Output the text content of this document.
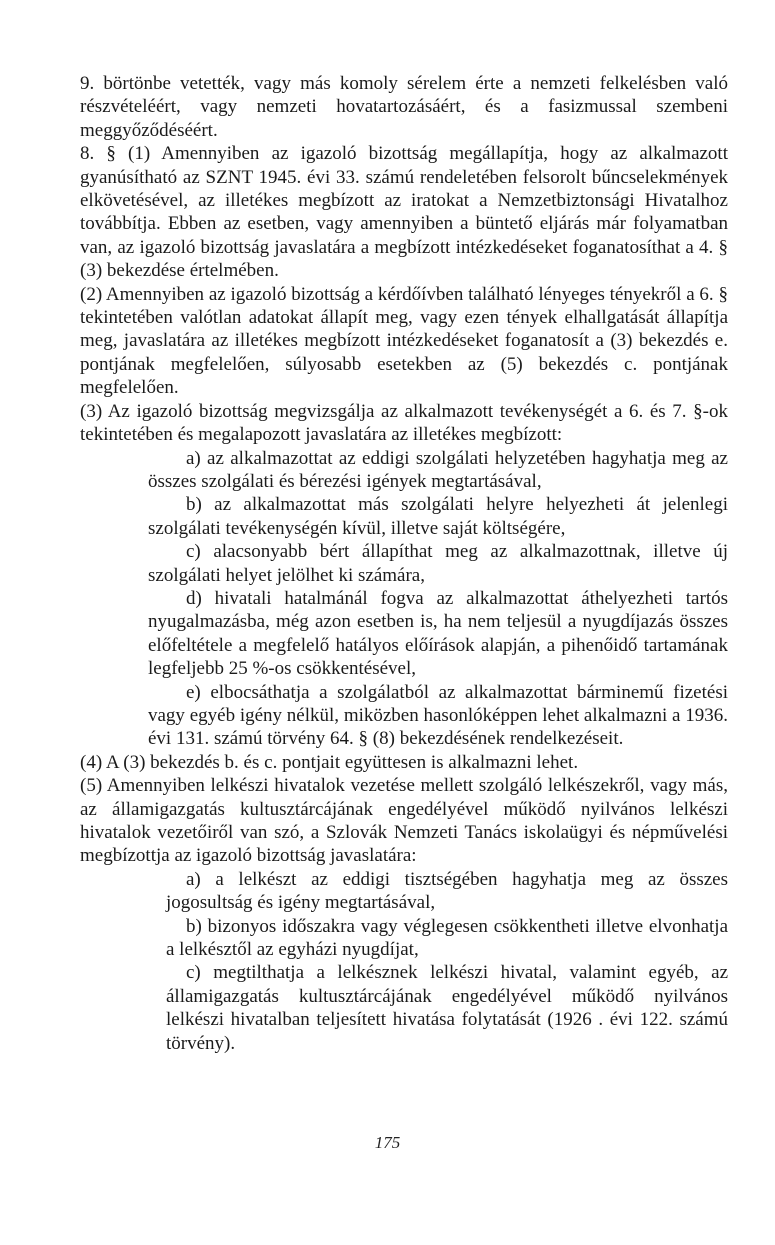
9. börtönbe vetették, vagy más komoly sérelem érte a nemzeti felkelésben való részvételéért, vagy nemzeti hovatartozásáért, és a fasizmussal szembeni meggyőződéséért.

8. § (1) Amennyiben az igazoló bizottság megállapítja, hogy az alkalmazott gyanúsítható az SZNT 1945. évi 33. számú rendeletében felsorolt bűncselekmények elkövetésével, az illetékes megbízott az iratokat a Nemzetbiztonsági Hivatalhoz továbbítja. Ebben az esetben, vagy amennyiben a büntető eljárás már folyamatban van, az igazoló bizottság javaslatára a megbízott intézkedéseket foganatosíthat a 4. § (3) bekezdése értelmében.

(2) Amennyiben az igazoló bizottság a kérdőívben található lényeges tényekről a 6. § tekintetében valótlan adatokat állapít meg, vagy ezen tények elhallgatását állapítja meg, javaslatára az illetékes megbízott intézkedéseket foganatosít a (3) bekezdés e. pontjának megfelelően, súlyosabb esetekben az (5) bekezdés c. pontjának megfelelően.

(3) Az igazoló bizottság megvizsgálja az alkalmazott tevékenységét a 6. és 7. §-ok tekintetében és megalapozott javaslatára az illetékes megbízott:

a) az alkalmazottat az eddigi szolgálati helyzetében hagyhatja meg az összes szolgálati és bérezési igények megtartásával,

b) az alkalmazottat más szolgálati helyre helyezheti át jelenlegi szolgálati tevékenységén kívül, illetve saját költségére,

c) alacsonyabb bért állapíthat meg az alkalmazottnak, illetve új szolgálati helyet jelölhet ki számára,

d) hivatali hatalmánál fogva az alkalmazottat áthelyezheti tartós nyugalmazásba, még azon esetben is, ha nem teljesül a nyugdíjazás összes előfeltétele a megfelelő hatályos előírások alapján, a pihenőidő tartamának legfeljebb 25 %-os csökkentésével,

e) elbocsáthatja a szolgálatból az alkalmazottat bárminemű fizetési vagy egyéb igény nélkül, miközben hasonlóképpen lehet alkalmazni a 1936. évi 131. számú törvény 64. § (8) bekezdésének rendelkezéseit.

(4) A (3) bekezdés b. és c. pontjait együttesen is alkalmazni lehet.

(5) Amennyiben lelkészi hivatalok vezetése mellett szolgáló lelkészekről, vagy más, az államigazgatás kultusztárcájának engedélyével működő nyilvános lelkészi hivatalok vezetőiről van szó, a Szlovák Nemzeti Tanács iskolaügyi és népművelési megbízottja az igazoló bizottság javaslatára:

a) a lelkészt az eddigi tisztségében hagyhatja meg az összes jogosultság és igény megtartásával,

b) bizonyos időszakra vagy véglegesen csökkentheti illetve elvonhatja a lelkésztől az egyházi nyugdíjat,

c) megtilthatja a lelkésznek lelkészi hivatal, valamint egyéb, az államigazgatás kultusztárcájának engedélyével működő nyilvános lelkészi hivatalban teljesített hivatása folytatását (1926 . évi 122. számú törvény).

175
